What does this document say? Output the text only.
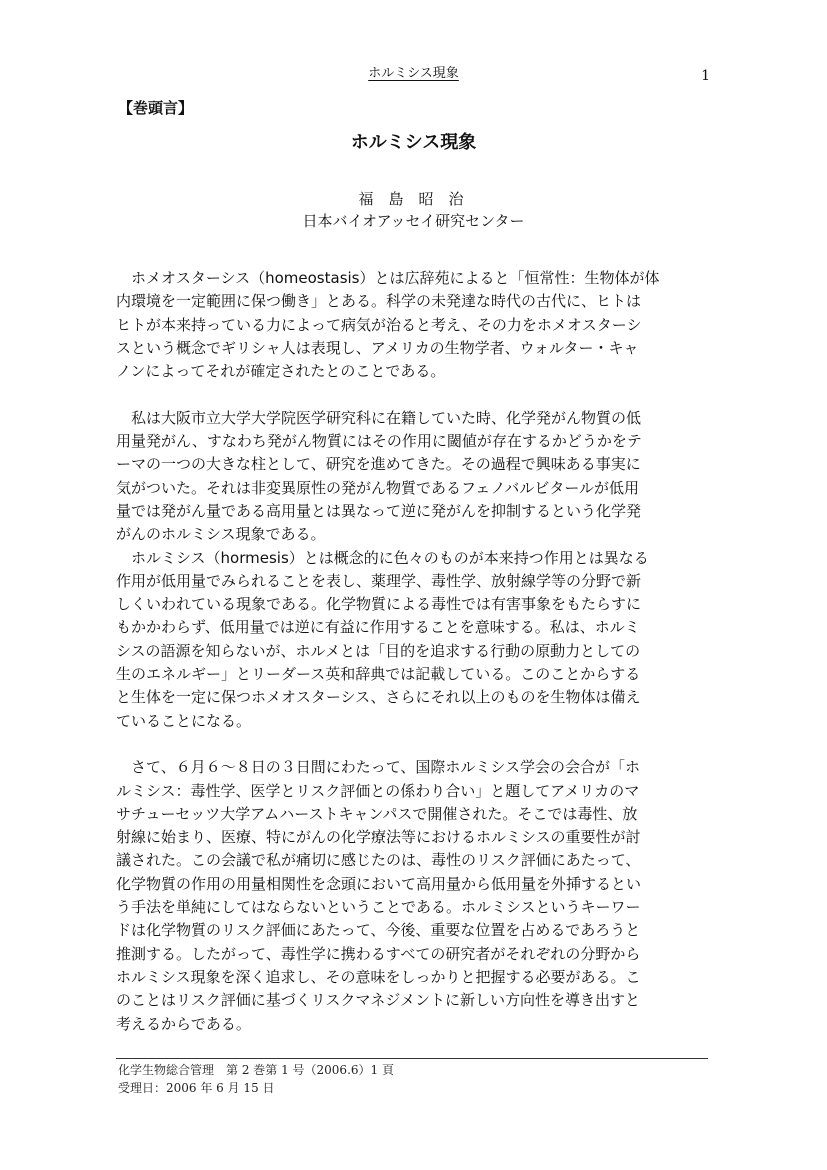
ホルミシス現象	1
【巻頭言】
ホルミシス現象
福島昭治
日本バイオアッセイ研究センター
　ホメオスターシス（homeostasis）とは広辞苑によると「恒常性：生物体が体
内環境を一定範囲に保つ働き」とある。科学の未発達な時代の古代に、ヒトは
ヒトが本来持っている力によって病気が治ると考え、その力をホメオスターシ
スという概念でギリシャ人は表現し、アメリカの生物学者、ウォルター・キャ
ノンによってそれが確定されたとのことである。
　私は大阪市立大学大学院医学研究科に在籍していた時、化学発がん物質の低
用量発がん、すなわち発がん物質にはその作用に閾値が存在するかどうかをテ
ーマの一つの大きな柱として、研究を進めてきた。その過程で興味ある事実に
気がついた。それは非変異原性の発がん物質であるフェノバルビタールが低用
量では発がん量である高用量とは異なって逆に発がんを抑制するという化学発
がんのホルミシス現象である。
　ホルミシス（hormesis）とは概念的に色々のものが本来持つ作用とは異なる
作用が低用量でみられることを表し、薬理学、毒性学、放射線学等の分野で新
しくいわれている現象である。化学物質による毒性では有害事象をもたらすに
もかかわらず、低用量では逆に有益に作用することを意味する。私は、ホルミ
シスの語源を知らないが、ホルメとは「目的を追求する行動の原動力としての
生のエネルギー」とリーダース英和辞典では記載している。このことからする
と生体を一定に保つホメオスターシス、さらにそれ以上のものを生物体は備え
ていることになる。
　さて、６月６～８日の３日間にわたって、国際ホルミシス学会の会合が「ホ
ルミシス：毒性学、医学とリスク評価との係わり合い」と題してアメリカのマ
サチューセッツ大学アムハーストキャンパスで開催された。そこでは毒性、放
射線に始まり、医療、特にがんの化学療法等におけるホルミシスの重要性が討
議された。この会議で私が痛切に感じたのは、毒性のリスク評価にあたって、
化学物質の作用の用量相関性を念頭において高用量から低用量を外挿するとい
う手法を単純にしてはならないということである。ホルミシスというキーワー
ドは化学物質のリスク評価にあたって、今後、重要な位置を占めるであろうと
推測する。したがって、毒性学に携わるすべての研究者がそれぞれの分野から
ホルミシス現象を深く追求し、その意味をしっかりと把握する必要がある。こ
のことはリスク評価に基づくリスクマネジメントに新しい方向性を導き出すと
考えるからである。
化学生物総合管理　第 2 巻第 1 号（2006.6）1 頁
受理日：2006 年 6 月 15 日
